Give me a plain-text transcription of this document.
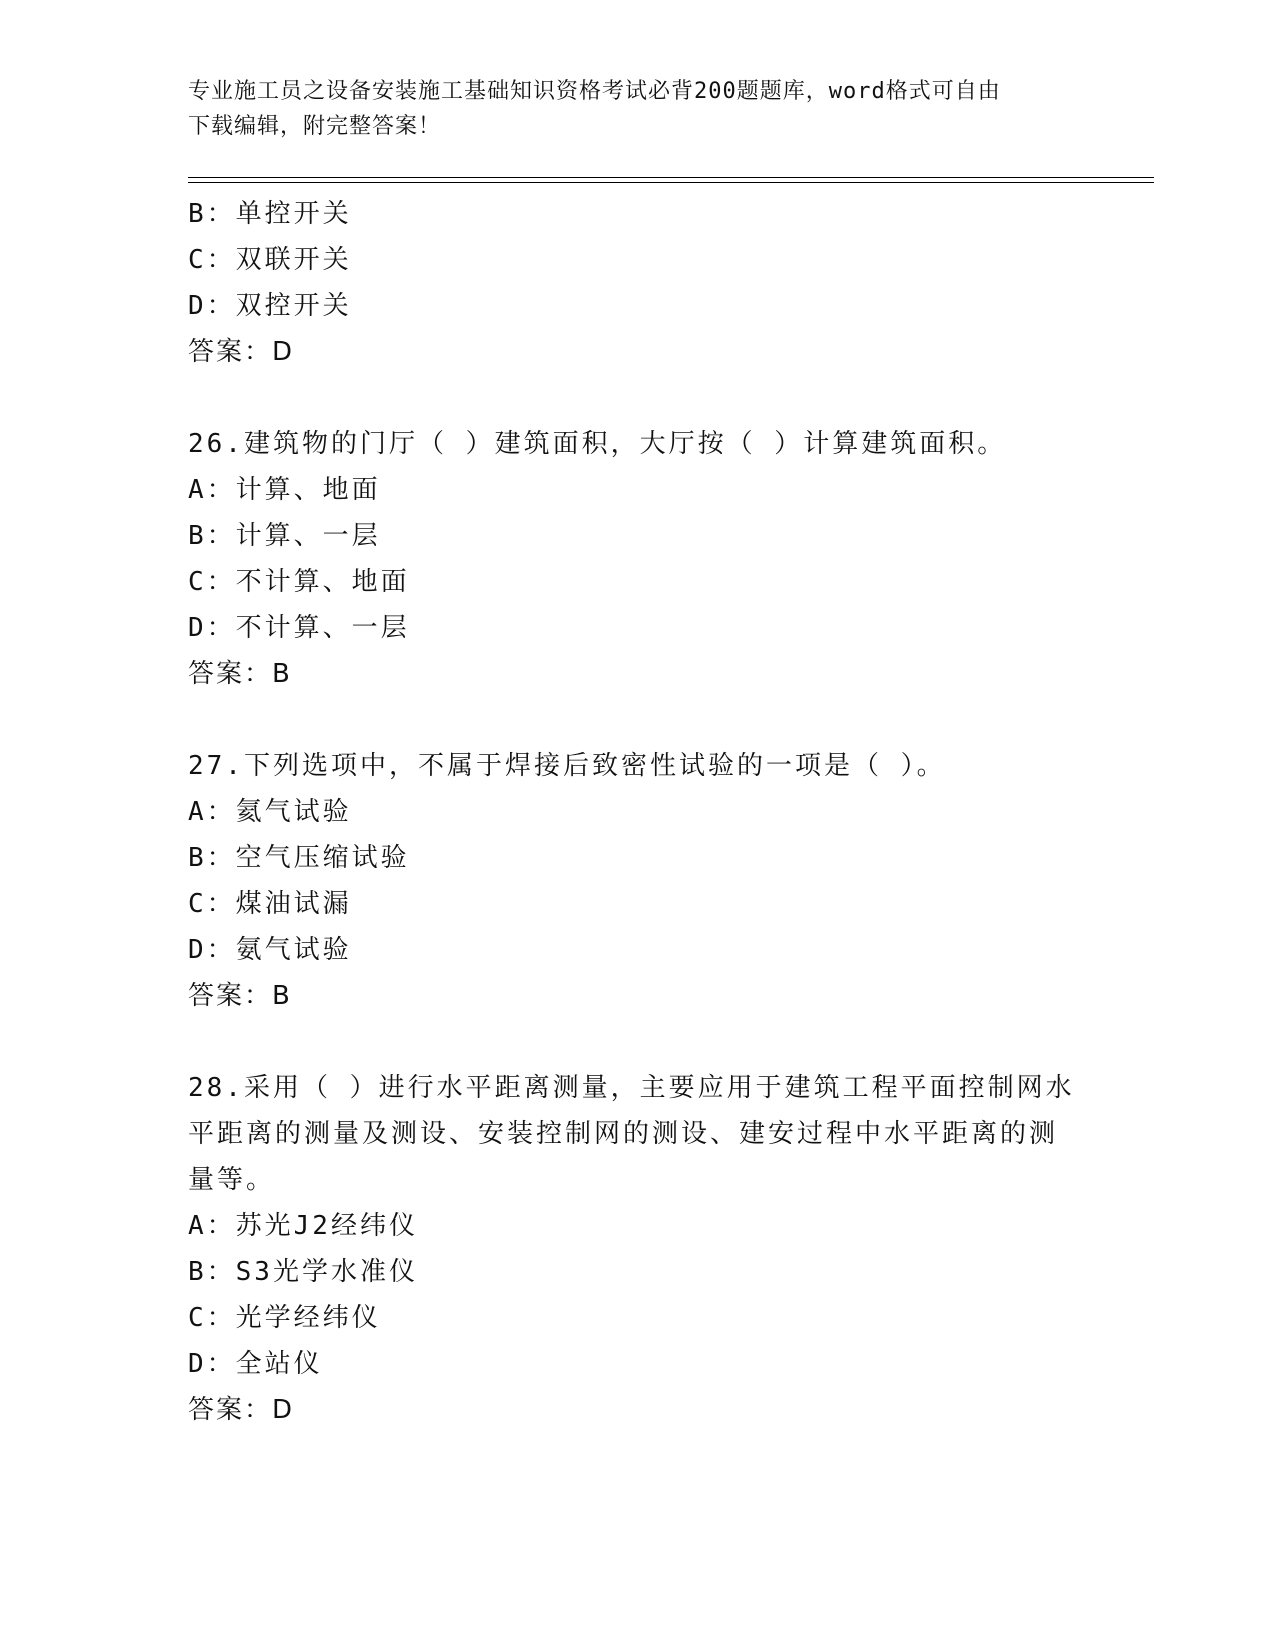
专业施工员之设备安装施工基础知识资格考试必背200题题库，word格式可自由
下载编辑，附完整答案！
B：单控开关
C：双联开关
D：双控开关
答案：D
26.建筑物的门厅（ ）建筑面积，大厅按（ ）计算建筑面积。
A：计算、地面
B：计算、一层
C：不计算、地面
D：不计算、一层
答案：B
27.下列选项中，不属于焊接后致密性试验的一项是（ ）。
A：氦气试验
B：空气压缩试验
C：煤油试漏
D：氨气试验
答案：B
28.采用（ ）进行水平距离测量，主要应用于建筑工程平面控制网水
平距离的测量及测设、安装控制网的测设、建安过程中水平距离的测
量等。
A：苏光J2经纬仪
B：S3光学水准仪
C：光学经纬仪
D：全站仪
答案：D
